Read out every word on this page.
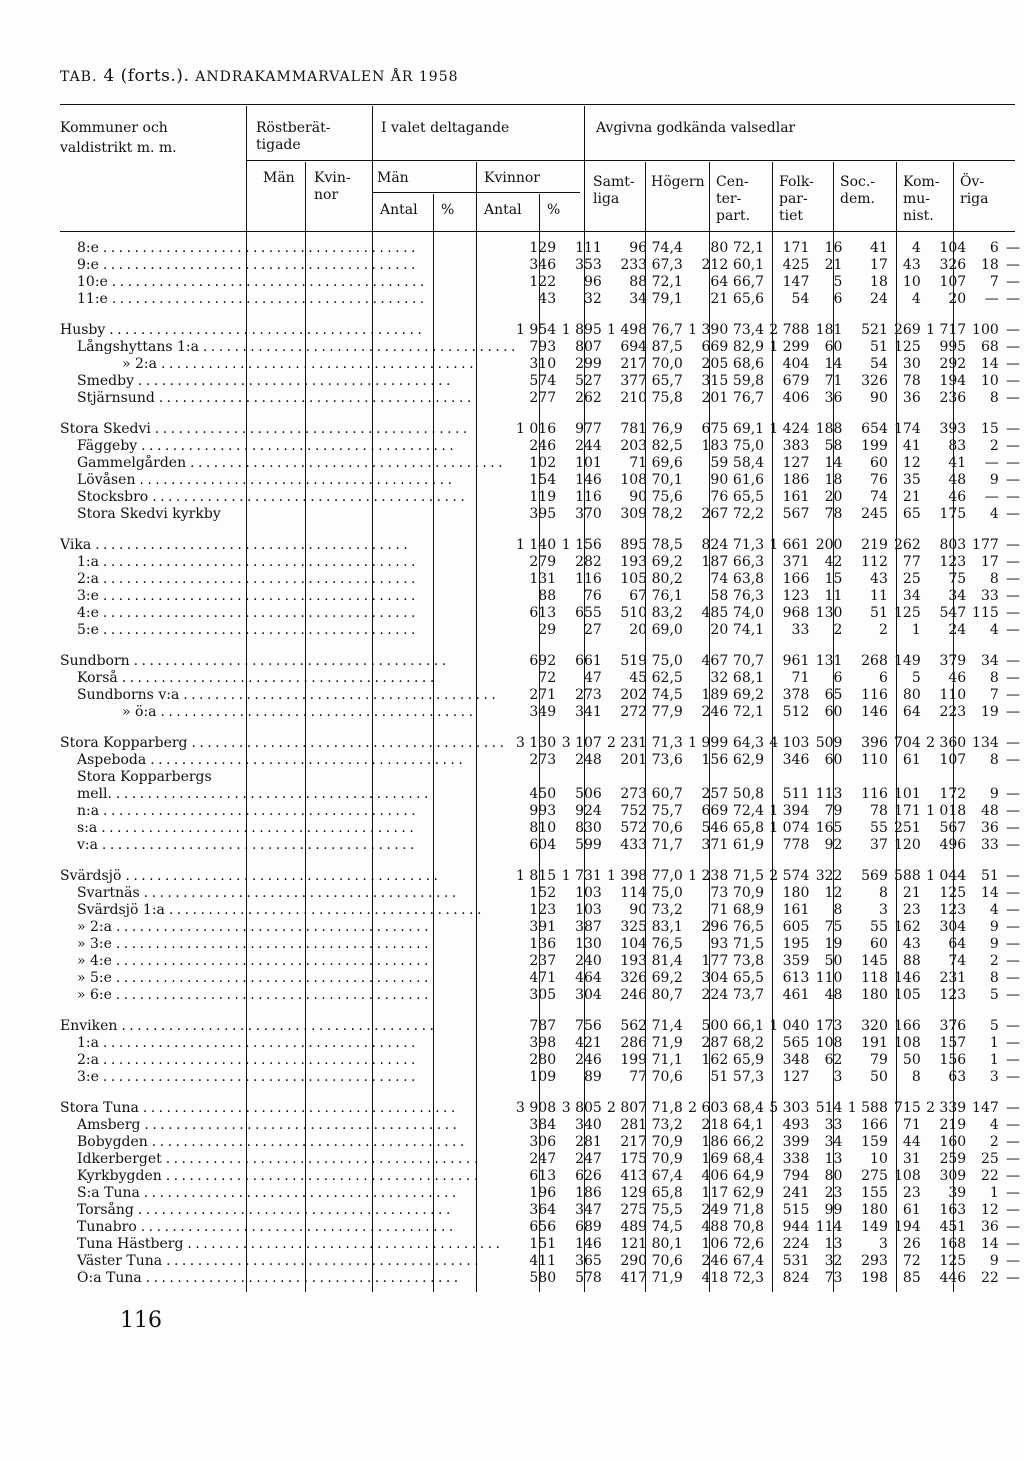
TAB. 4 (forts.). ANDRAKAMMARVALEN ÅR 1958
Kommuner och
valdistrikt m. m.
Röstberät-
tigade
I valet deltagande	Avgivna godkända valsedlar
Män Kvin-
nor
Män	Kvinnor
Antal % Antal %
Samt-
liga
Högern Cen-
ter-
part.
Folk-
par-
tiet
Soc.-
dem.
Kom-
mu-
nist.
Öv-
riga
8:e . . . . . . . . . . . . . . . . . . . . . . . . . . . . . . . . . . . . . . . .	129	111	96	74,4	80	72,1	171	16	41	4	104	6	—
9:e . . . . . . . . . . . . . . . . . . . . . . . . . . . . . . . . . . . . . . . .	346	353	233	67,3	212	60,1	425	21	17	43	326	18	—
10:e . . . . . . . . . . . . . . . . . . . . . . . . . . . . . . . . . . . . . . . .	122	96	88	72,1	64	66,7	147	5	18	10	107	7	—
11:e . . . . . . . . . . . . . . . . . . . . . . . . . . . . . . . . . . . . . . . .	43	32	34	79,1	21	65,6	54	6	24	4	20	—	—

Husby . . . . . . . . . . . . . . . . . . . . . . . . . . . . . . . . . . . . . . . .	1 954	1 895	1 498	76,7	1 390	73,4	2 788	181	521	269	1 717	100	—
Långshyttans 1:a . . . . . . . . . . . . . . . . . . . . . . . . . . . . . . . . . . . . . . . .	793	807	694	87,5	669	82,9	1 299	60	51	125	995	68	—
» 2:a . . . . . . . . . . . . . . . . . . . . . . . . . . . . . . . . . . . . . . . .	310	299	217	70,0	205	68,6	404	14	54	30	292	14	—
Smedby . . . . . . . . . . . . . . . . . . . . . . . . . . . . . . . . . . . . . . . .	574	527	377	65,7	315	59,8	679	71	326	78	194	10	—
Stjärnsund . . . . . . . . . . . . . . . . . . . . . . . . . . . . . . . . . . . . . . . .	277	262	210	75,8	201	76,7	406	36	90	36	236	8	—

Stora Skedvi . . . . . . . . . . . . . . . . . . . . . . . . . . . . . . . . . . . . . . . .	1 016	977	781	76,9	675	69,1	1 424	188	654	174	393	15	—
Fäggeby . . . . . . . . . . . . . . . . . . . . . . . . . . . . . . . . . . . . . . . .	246	244	203	82,5	183	75,0	383	58	199	41	83	2	—
Gammelgården . . . . . . . . . . . . . . . . . . . . . . . . . . . . . . . . . . . . . . . .	102	101	71	69,6	59	58,4	127	14	60	12	41	—	—
Lövåsen . . . . . . . . . . . . . . . . . . . . . . . . . . . . . . . . . . . . . . . .	154	146	108	70,1	90	61,6	186	18	76	35	48	9	—
Stocksbro . . . . . . . . . . . . . . . . . . . . . . . . . . . . . . . . . . . . . . . .	119	116	90	75,6	76	65,5	161	20	74	21	46	—	—
Stora Skedvi kyrkby	395	370	309	78,2	267	72,2	567	78	245	65	175	4	—

Vika . . . . . . . . . . . . . . . . . . . . . . . . . . . . . . . . . . . . . . . .	1 140	1 156	895	78,5	824	71,3	1 661	200	219	262	803	177	—
1:a . . . . . . . . . . . . . . . . . . . . . . . . . . . . . . . . . . . . . . . .	279	282	193	69,2	187	66,3	371	42	112	77	123	17	—
2:a . . . . . . . . . . . . . . . . . . . . . . . . . . . . . . . . . . . . . . . .	131	116	105	80,2	74	63,8	166	15	43	25	75	8	—
3:e . . . . . . . . . . . . . . . . . . . . . . . . . . . . . . . . . . . . . . . .	88	76	67	76,1	58	76,3	123	11	11	34	34	33	—
4:e . . . . . . . . . . . . . . . . . . . . . . . . . . . . . . . . . . . . . . . .	613	655	510	83,2	485	74,0	968	130	51	125	547	115	—
5:e . . . . . . . . . . . . . . . . . . . . . . . . . . . . . . . . . . . . . . . .	29	27	20	69,0	20	74,1	33	2	2	1	24	4	—

Sundborn . . . . . . . . . . . . . . . . . . . . . . . . . . . . . . . . . . . . . . . .	692	661	519	75,0	467	70,7	961	131	268	149	379	34	—
Korså . . . . . . . . . . . . . . . . . . . . . . . . . . . . . . . . . . . . . . . .	72	47	45	62,5	32	68,1	71	6	6	5	46	8	—
Sundborns v:a . . . . . . . . . . . . . . . . . . . . . . . . . . . . . . . . . . . . . . . .	271	273	202	74,5	189	69,2	378	65	116	80	110	7	—
» ö:a . . . . . . . . . . . . . . . . . . . . . . . . . . . . . . . . . . . . . . . .	349	341	272	77,9	246	72,1	512	60	146	64	223	19	—

Stora Kopparberg . . . . . . . . . . . . . . . . . . . . . . . . . . . . . . . . . . . . . . . .	3 130	3 107	2 231	71,3	1 999	64,3	4 103	509	396	704	2 360	134	—
Aspeboda . . . . . . . . . . . . . . . . . . . . . . . . . . . . . . . . . . . . . . . .	273	248	201	73,6	156	62,9	346	60	110	61	107	8	—
Stora Kopparbergs													
mell. . . . . . . . . . . . . . . . . . . . . . . . . . . . . . . . . . . . . . . . .	450	506	273	60,7	257	50,8	511	113	116	101	172	9	—
n:a . . . . . . . . . . . . . . . . . . . . . . . . . . . . . . . . . . . . . . . .	993	924	752	75,7	669	72,4	1 394	79	78	171	1 018	48	—
s:a . . . . . . . . . . . . . . . . . . . . . . . . . . . . . . . . . . . . . . . .	810	830	572	70,6	546	65,8	1 074	165	55	251	567	36	—
v:a . . . . . . . . . . . . . . . . . . . . . . . . . . . . . . . . . . . . . . . .	604	599	433	71,7	371	61,9	778	92	37	120	496	33	—

Svärdsjö . . . . . . . . . . . . . . . . . . . . . . . . . . . . . . . . . . . . . . . .	1 815	1 731	1 398	77,0	1 238	71,5	2 574	322	569	588	1 044	51	—
Svartnäs . . . . . . . . . . . . . . . . . . . . . . . . . . . . . . . . . . . . . . . .	152	103	114	75,0	73	70,9	180	12	8	21	125	14	—
Svärdsjö 1:a . . . . . . . . . . . . . . . . . . . . . . . . . . . . . . . . . . . . . . . .	123	103	90	73,2	71	68,9	161	8	3	23	123	4	—
» 2:a . . . . . . . . . . . . . . . . . . . . . . . . . . . . . . . . . . . . . . . .	391	387	325	83,1	296	76,5	605	75	55	162	304	9	—
» 3:e . . . . . . . . . . . . . . . . . . . . . . . . . . . . . . . . . . . . . . . .	136	130	104	76,5	93	71,5	195	19	60	43	64	9	—
» 4:e . . . . . . . . . . . . . . . . . . . . . . . . . . . . . . . . . . . . . . . .	237	240	193	81,4	177	73,8	359	50	145	88	74	2	—
» 5:e . . . . . . . . . . . . . . . . . . . . . . . . . . . . . . . . . . . . . . . .	471	464	326	69,2	304	65,5	613	110	118	146	231	8	—
» 6:e . . . . . . . . . . . . . . . . . . . . . . . . . . . . . . . . . . . . . . . .	305	304	246	80,7	224	73,7	461	48	180	105	123	5	—

Enviken . . . . . . . . . . . . . . . . . . . . . . . . . . . . . . . . . . . . . . . .	787	756	562	71,4	500	66,1	1 040	173	320	166	376	5	—
1:a . . . . . . . . . . . . . . . . . . . . . . . . . . . . . . . . . . . . . . . .	398	421	286	71,9	287	68,2	565	108	191	108	157	1	—
2:a . . . . . . . . . . . . . . . . . . . . . . . . . . . . . . . . . . . . . . . .	280	246	199	71,1	162	65,9	348	62	79	50	156	1	—
3:e . . . . . . . . . . . . . . . . . . . . . . . . . . . . . . . . . . . . . . . .	109	89	77	70,6	51	57,3	127	3	50	8	63	3	—

Stora Tuna . . . . . . . . . . . . . . . . . . . . . . . . . . . . . . . . . . . . . . . .	3 908	3 805	2 807	71,8	2 603	68,4	5 303	514	1 588	715	2 339	147	—
Amsberg . . . . . . . . . . . . . . . . . . . . . . . . . . . . . . . . . . . . . . . .	384	340	281	73,2	218	64,1	493	33	166	71	219	4	—
Bobygden . . . . . . . . . . . . . . . . . . . . . . . . . . . . . . . . . . . . . . . .	306	281	217	70,9	186	66,2	399	34	159	44	160	2	—
Idkerberget . . . . . . . . . . . . . . . . . . . . . . . . . . . . . . . . . . . . . . . .	247	247	175	70,9	169	68,4	338	13	10	31	259	25	—
Kyrkbygden . . . . . . . . . . . . . . . . . . . . . . . . . . . . . . . . . . . . . . . .	613	626	413	67,4	406	64,9	794	80	275	108	309	22	—
S:a Tuna . . . . . . . . . . . . . . . . . . . . . . . . . . . . . . . . . . . . . . . .	196	186	129	65,8	117	62,9	241	23	155	23	39	1	—
Torsång . . . . . . . . . . . . . . . . . . . . . . . . . . . . . . . . . . . . . . . .	364	347	275	75,5	249	71,8	515	99	180	61	163	12	—
Tunabro . . . . . . . . . . . . . . . . . . . . . . . . . . . . . . . . . . . . . . . .	656	689	489	74,5	488	70,8	944	114	149	194	451	36	—
Tuna Hästberg . . . . . . . . . . . . . . . . . . . . . . . . . . . . . . . . . . . . . . . .	151	146	121	80,1	106	72,6	224	13	3	26	168	14	—
Väster Tuna . . . . . . . . . . . . . . . . . . . . . . . . . . . . . . . . . . . . . . . .	411	365	290	70,6	246	67,4	531	32	293	72	125	9	—
Ö:a Tuna . . . . . . . . . . . . . . . . . . . . . . . . . . . . . . . . . . . . . . . .	580	578	417	71,9	418	72,3	824	73	198	85	446	22	—
116
